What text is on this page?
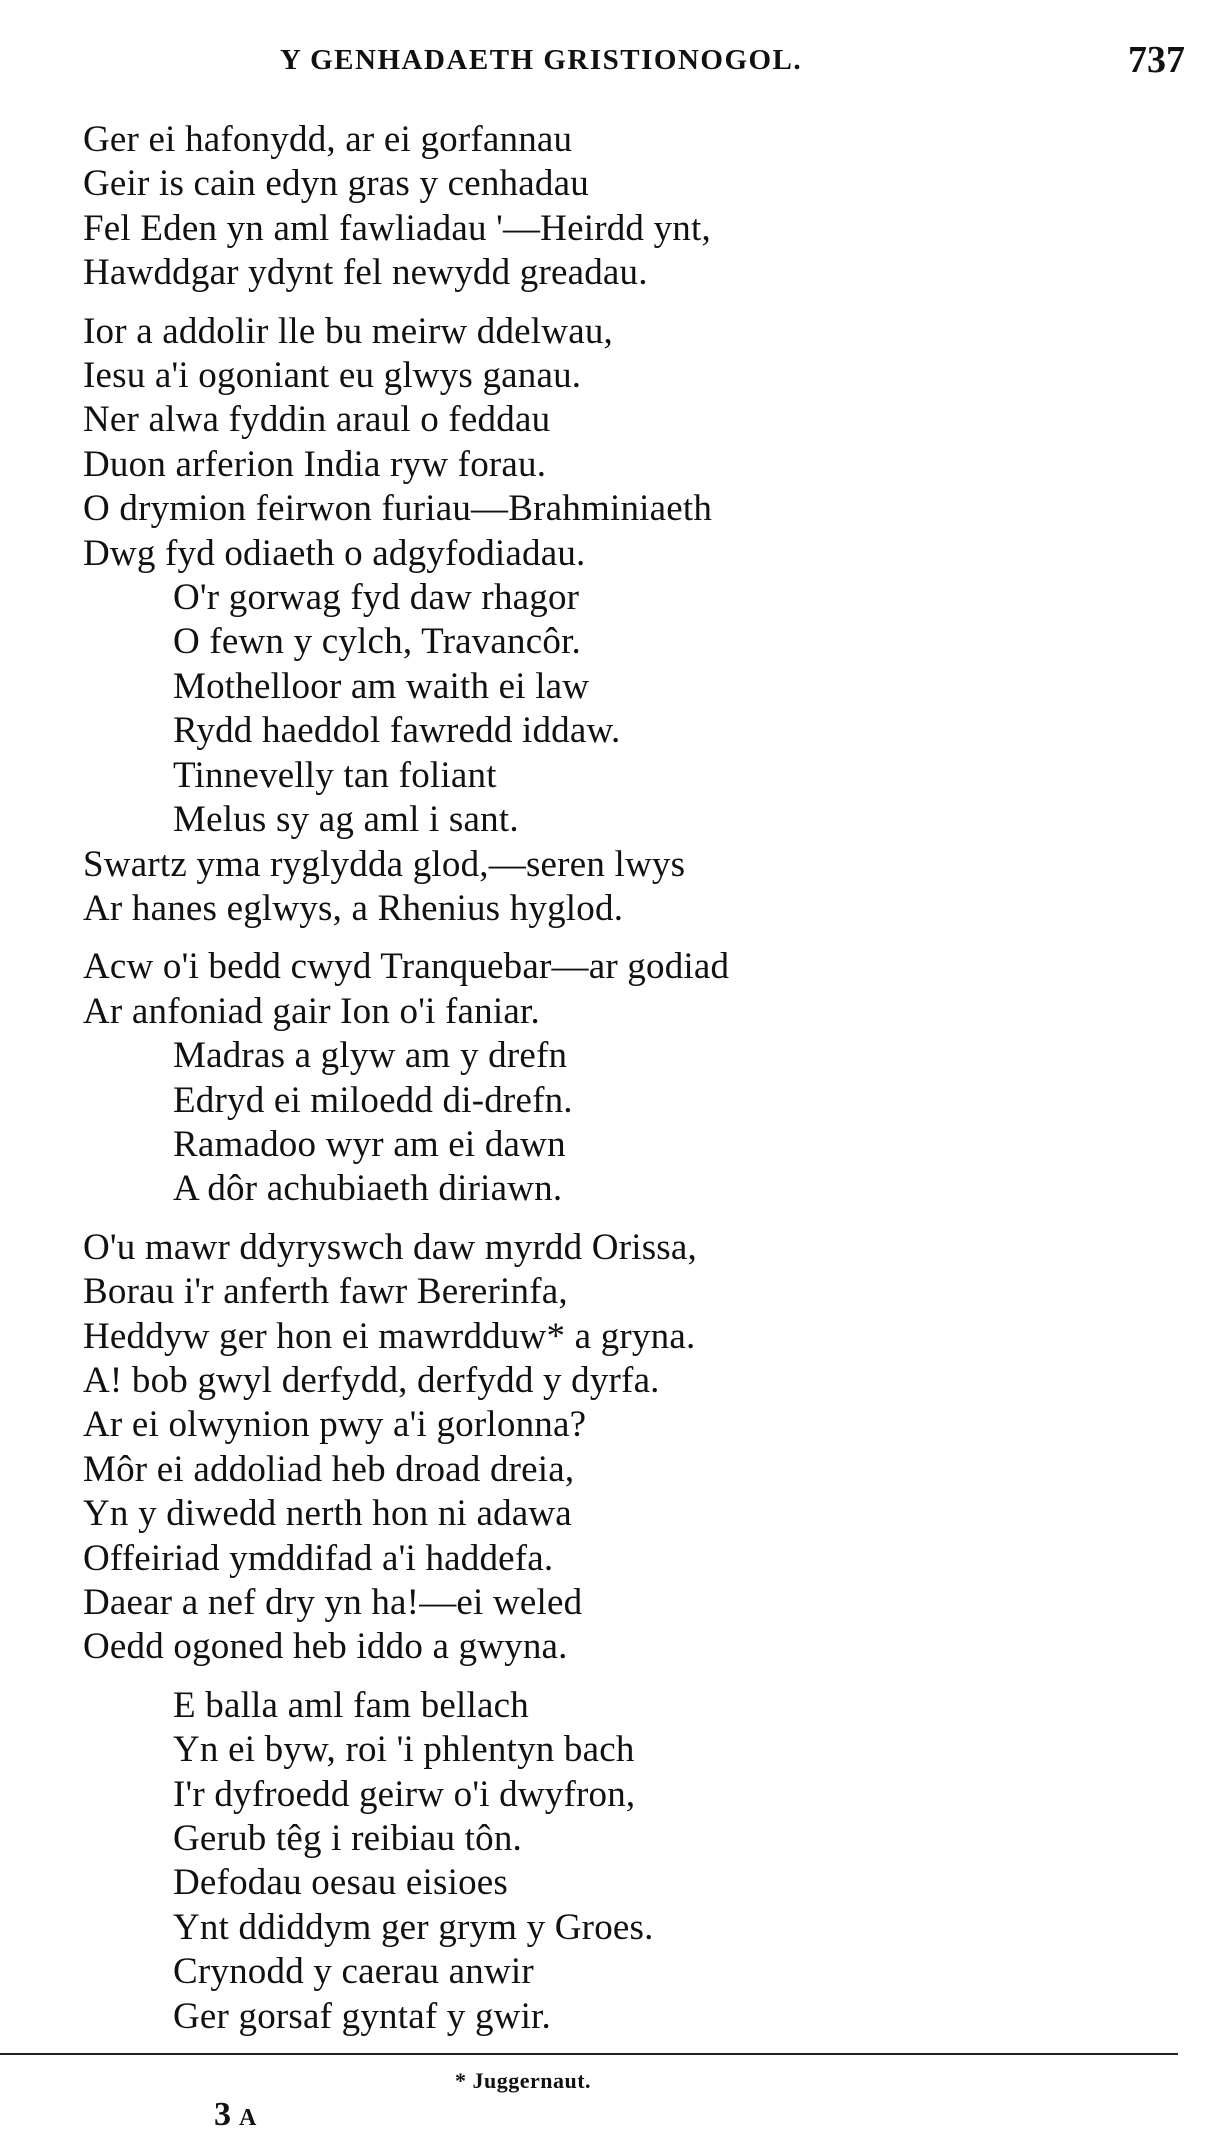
Y GENHADAETH GRISTIONOGOL.	737
Ger ei hafonydd, ar ei gorfannau
Geir is cain edyn gras y cenhadau
Fel Eden yn aml fawliadau '—Heirdd ynt,
Hawddgar ydynt fel newydd greadau.
Ior a addolir lle bu meirw ddelwau,
Iesu a'i ogoniant eu glwys ganau.
Ner alwa fyddin araul o feddau
Duon arferion India ryw forau.
O drymion feirwon furiau—Brahminiaeth
Dwg fyd odiaeth o adgyfodiadau.
O'r gorwag fyd daw rhagor
O fewn y cylch, Travancôr.
Mothelloor am waith ei law
Rydd haeddol fawredd iddaw.
Tinnevelly tan foliant
Melus sy ag aml i sant.
Swartz yma ryglydda glod,—seren lwys
Ar hanes eglwys, a Rhenius hyglod.
Acw o'i bedd cwyd Tranquebar—ar godiad
Ar anfoniad gair Ion o'i faniar.
Madras a glyw am y drefn
Edryd ei miloedd di-drefn.
Ramadoo wyr am ei dawn
A dôr achubiaeth diriawn.
O'u mawr ddyryswch daw myrdd Orissa,
Borau i'r anferth fawr Bererinfa,
Heddyw ger hon ei mawrdduw* a gryna.
A! bob gwyl derfydd, derfydd y dyrfa.
Ar ei olwynion pwy a'i gorlonna?
Môr ei addoliad heb droad dreia,
Yn y diwedd nerth hon ni adawa
Offeiriad ymddifad a'i haddefa.
Daear a nef dry yn ha!—ei weled
Oedd ogoned heb iddo a gwyna.
E balla aml fam bellach
Yn ei byw, roi 'i phlentyn bach
I'r dyfroedd geirw o'i dwyfron,
Gerub têg i reibiau tôn.
Defodau oesau eisioes
Ynt ddiddym ger grym y Groes.
Crynodd y caerau anwir
Ger gorsaf gyntaf y gwir.
* Juggernaut.
3 A
